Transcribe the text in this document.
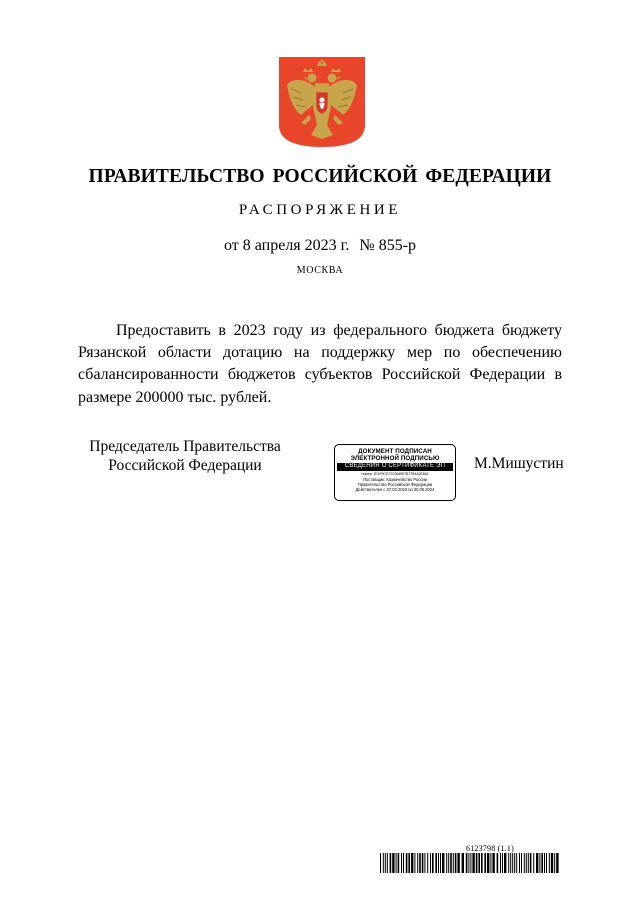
ПРАВИТЕЛЬСТВО РОССИЙСКОЙ ФЕДЕРАЦИИ
РАСПОРЯЖЕНИЕ
от 8 апреля 2023 г. № 855-р
МОСКВА
Предоставить в 2023 году из федерального бюджета бюджету Рязанской области дотацию на поддержку мер по обеспечению сбалансированности бюджетов субъектов Российской Федерации в размере 200000 тыс. рублей.
Председатель Правительства
Российской Федерации
ДОКУМЕНТ ПОДПИСАН
ЭЛЕКТРОННОЙ ПОДПИСЬЮ
СВЕДЕНИЯ О СЕРТИФИКАТЕ ЭП
Номер: 2E4F9CE72C9069E7B77B4A2E8A1
Поставщик: Казначейство России
Правительство Российской Федерации
Действителен с 07.03.2023 по 30.05.2024
М.Мишустин
6123798 (1.1)
